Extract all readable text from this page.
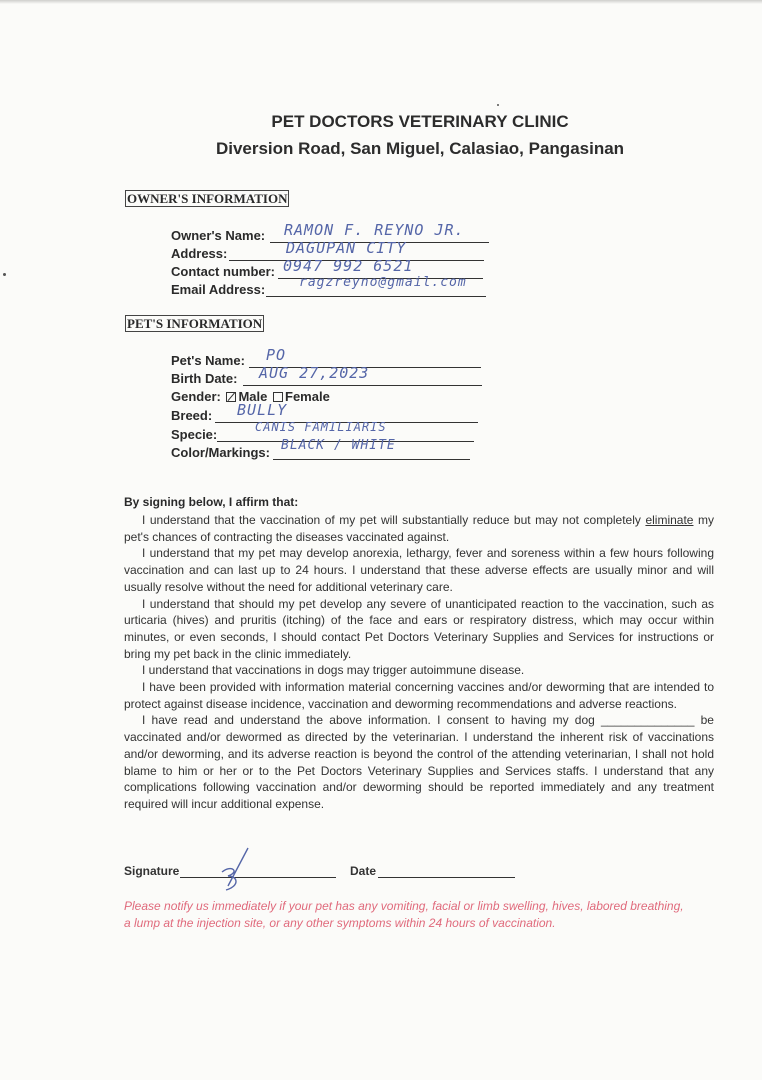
PET DOCTORS VETERINARY CLINIC
Diversion Road, San Miguel, Calasiao, Pangasinan
OWNER'S INFORMATION
Owner's Name: RAMON F. REYNO JR.
Address:	DAGUPAN CITY
Contact number: 0947 992 6521
Email Address:	ragzreyno@gmail.com
PET'S INFORMATION
Pet's Name: PO
Birth Date: AUG 27,2023
Gender: Male Female
Breed: BULLY
Specie:	CANIS FAMILIARIS
Color/Markings: BLACK / WHITE
By signing below, I affirm that:

I understand that the vaccination of my pet will substantially reduce but may not completely eliminate my pet's chances of contracting the diseases vaccinated against.

I understand that my pet may develop anorexia, lethargy, fever and soreness within a few hours following vaccination and can last up to 24 hours. I understand that these adverse effects are usually minor and will usually resolve without the need for additional veterinary care.

I understand that should my pet develop any severe of unanticipated reaction to the vaccination, such as urticaria (hives) and pruritis (itching) of the face and ears or respiratory distress, which may occur within minutes, or even seconds, I should contact Pet Doctors Veterinary Supplies and Services for instructions or bring my pet back in the clinic immediately.

I understand that vaccinations in dogs may trigger autoimmune disease.

I have been provided with information material concerning vaccines and/or deworming that are intended to protect against disease incidence, vaccination and deworming recommendations and adverse reactions.

I have read and understand the above information. I consent to having my dog ______________ be vaccinated and/or dewormed as directed by the veterinarian. I understand the inherent risk of vaccinations and/or deworming, and its adverse reaction is beyond the control of the attending veterinarian, I shall not hold blame to him or her or to the Pet Doctors Veterinary Supplies and Services staffs. I understand that any complications following vaccination and/or deworming should be reported immediately and any treatment required will incur additional expense.

Signature	Date
Please notify us immediately if your pet has any vomiting, facial or limb swelling, hives, labored breathing, a lump at the injection site, or any other symptoms within 24 hours of vaccination.
